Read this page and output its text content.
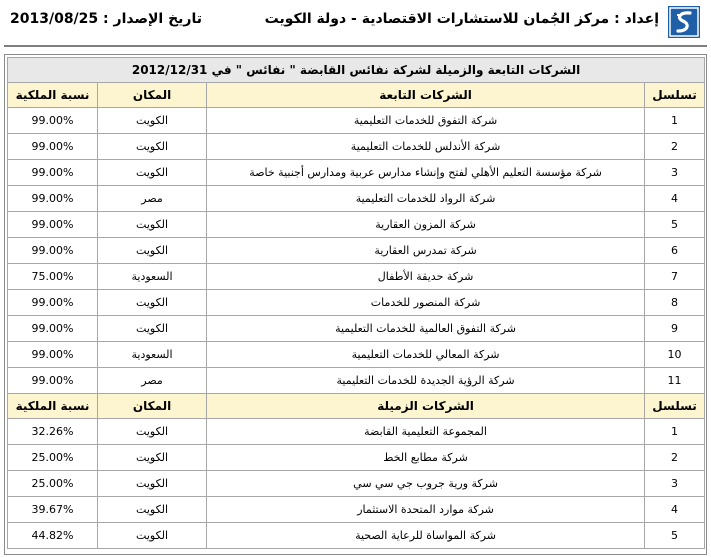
إعداد : مركز الجُمان للاستشارات الاقتصادية - دولة الكويت
تاريخ الإصدار : 2013/08/25
الشركات التابعة والزميلة لشركة نفائس القابضة " نفائس " في 2012/12/31			
تسلسل	الشركات التابعة	المكان	نسبة الملكية
1	شركة التفوق للخدمات التعليمية	الكويت	99.00%
2	شركة الأندلس للخدمات التعليمية	الكويت	99.00%
3	شركة مؤسسة التعليم الأهلي لفتح وإنشاء مدارس عربية ومدارس أجنبية خاصة	الكويت	99.00%
4	شركة الرواد للخدمات التعليمية	مصر	99.00%
5	شركة المزون العقارية	الكويت	99.00%
6	شركة تمدرس العقارية	الكويت	99.00%
7	شركة حديقة الأطفال	السعودية	75.00%
8	شركة المنصور للخدمات	الكويت	99.00%
9	شركة التفوق العالمية للخدمات التعليمية	الكويت	99.00%
10	شركة المعالي للخدمات التعليمية	السعودية	99.00%
11	شركة الرؤية الجديدة للخدمات التعليمية	مصر	99.00%
تسلسل	الشركات الزميلة	المكان	نسبة الملكية
1	المجموعة التعليمية القابضة	الكويت	32.26%
2	شركة مطابع الخط	الكويت	25.00%
3	شركة ورية جروب جي سي سي	الكويت	25.00%
4	شركة موارد المتحدة الاستثمار	الكويت	39.67%
5	شركة المواساة للرعاية الصحية	الكويت	44.82%
